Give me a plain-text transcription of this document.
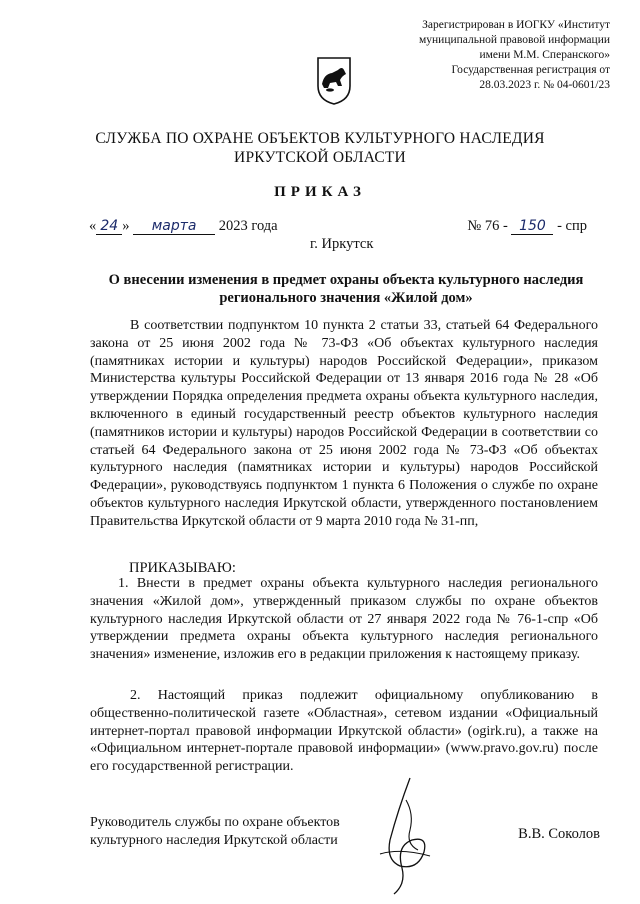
Зарегистрирован в ИОГКУ «Институт
муниципальной правовой информации
имени М.М. Сперанского»
Государственная регистрация от
28.03.2023 г. № 04-0601/23
СЛУЖБА ПО ОХРАНЕ ОБЪЕКТОВ КУЛЬТУРНОГО НАСЛЕДИЯ
ИРКУТСКОЙ ОБЛАСТИ
ПРИКАЗ
« 24 » марта 2023 года	№ 76 - 150 - спр
г. Иркутск
О внесении изменения в предмет охраны объекта культурного наследия
регионального значения «Жилой дом»
В соответствии подпунктом 10 пункта 2 статьи 33, статьей 64 Федерального закона от 25 июня 2002 года № 73-ФЗ «Об объектах культурного наследия (памятниках истории и культуры) народов Российской Федерации», приказом Министерства культуры Российской Федерации от 13 января 2016 года № 28 «Об утверждении Порядка определения предмета охраны объекта культурного наследия, включенного в единый государственный реестр объектов культурного наследия (памятников истории и культуры) народов Российской Федерации в соответствии со статьей 64 Федерального закона от 25 июня 2002 года № 73-ФЗ «Об объектах культурного наследия (памятниках истории и культуры) народов Российской Федерации», руководствуясь подпунктом 1 пункта 6 Положения о службе по охране объектов культурного наследия Иркутской области, утвержденного постановлением Правительства Иркутской области от 9 марта 2010 года № 31-пп,
ПРИКАЗЫВАЮ:
1. Внести в предмет охраны объекта культурного наследия регионального значения «Жилой дом», утвержденный приказом службы по охране объектов культурного наследия Иркутской области от 27 января 2022 года № 76-1-спр «Об утверждении предмета охраны объекта культурного наследия регионального значения» изменение, изложив его в редакции приложения к настоящему приказу.
2. Настоящий приказ подлежит официальному опубликованию в общественно-политической газете «Областная», сетевом издании «Официальный интернет-портал правовой информации Иркутской области» (ogirk.ru), а также на «Официальном интернет-портале правовой информации» (www.pravo.gov.ru) после его государственной регистрации.
Руководитель службы по охране объектов
культурного наследия Иркутской области	В.В. Соколов
